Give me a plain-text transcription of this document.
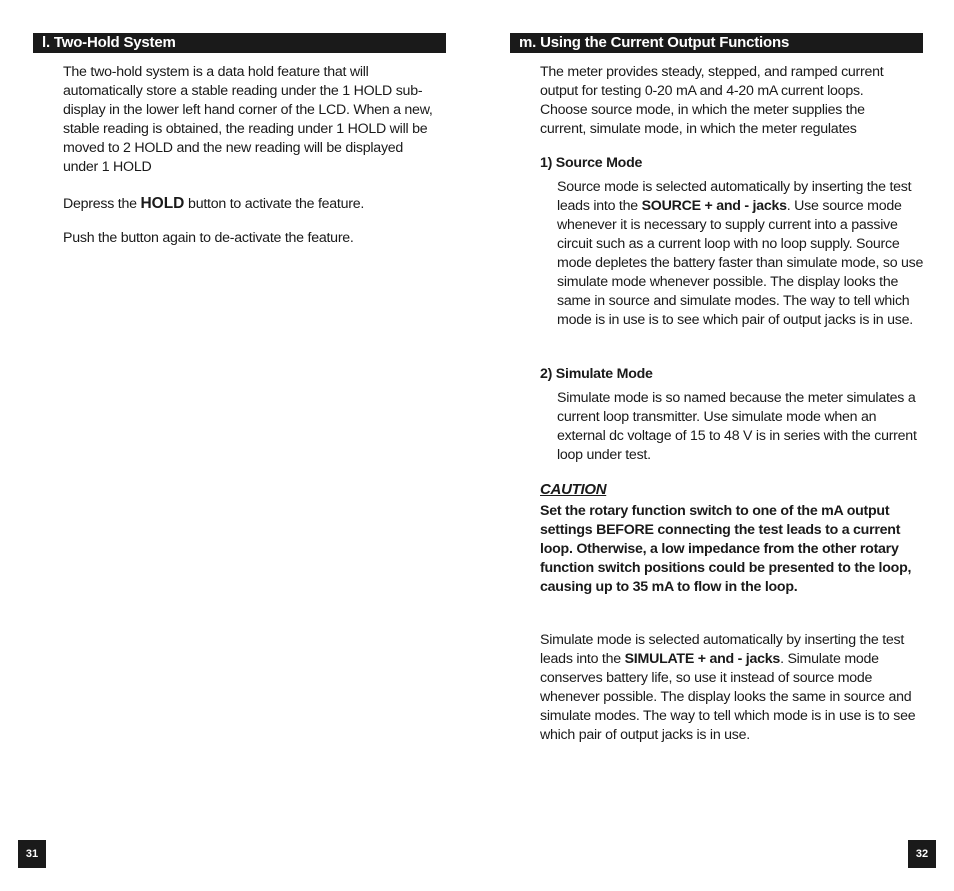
l. Two-Hold System

The two-hold system is a data hold feature that will automatically store a stable reading under the 1 HOLD sub-display in the lower left hand corner of the LCD. When a new, stable reading is obtained, the reading under 1 HOLD will be moved to 2 HOLD and the new reading will be displayed under 1 HOLD

Depress the HOLD button to activate the feature.

Push the button again to de-activate the feature.

31
m. Using the Current Output Functions

The meter provides steady, stepped, and ramped current output for testing 0-20 mA and 4-20 mA current loops. Choose source mode, in which the meter supplies the current, simulate mode, in which the meter regulates

1) Source Mode

Source mode is selected automatically by inserting the test leads into the SOURCE + and - jacks. Use source mode whenever it is necessary to supply current into a passive circuit such as a current loop with no loop supply. Source mode depletes the battery faster than simulate mode, so use simulate mode whenever possible. The display looks the same in source and simulate modes. The way to tell which mode is in use is to see which pair of output jacks is in use.

2) Simulate Mode

Simulate mode is so named because the meter simulates a current loop transmitter. Use simulate mode when an external dc voltage of 15 to 48 V is in series with the current loop under test.

CAUTION

Set the rotary function switch to one of the mA output settings BEFORE connecting the test leads to a current loop. Otherwise, a low impedance from the other rotary function switch positions could be presented to the loop, causing up to 35 mA to flow in the loop.

Simulate mode is selected automatically by inserting the test leads into the SIMULATE + and - jacks. Simulate mode conserves battery life, so use it instead of source mode whenever possible. The display looks the same in source and simulate modes. The way to tell which mode is in use is to see which pair of output jacks is in use.

32
